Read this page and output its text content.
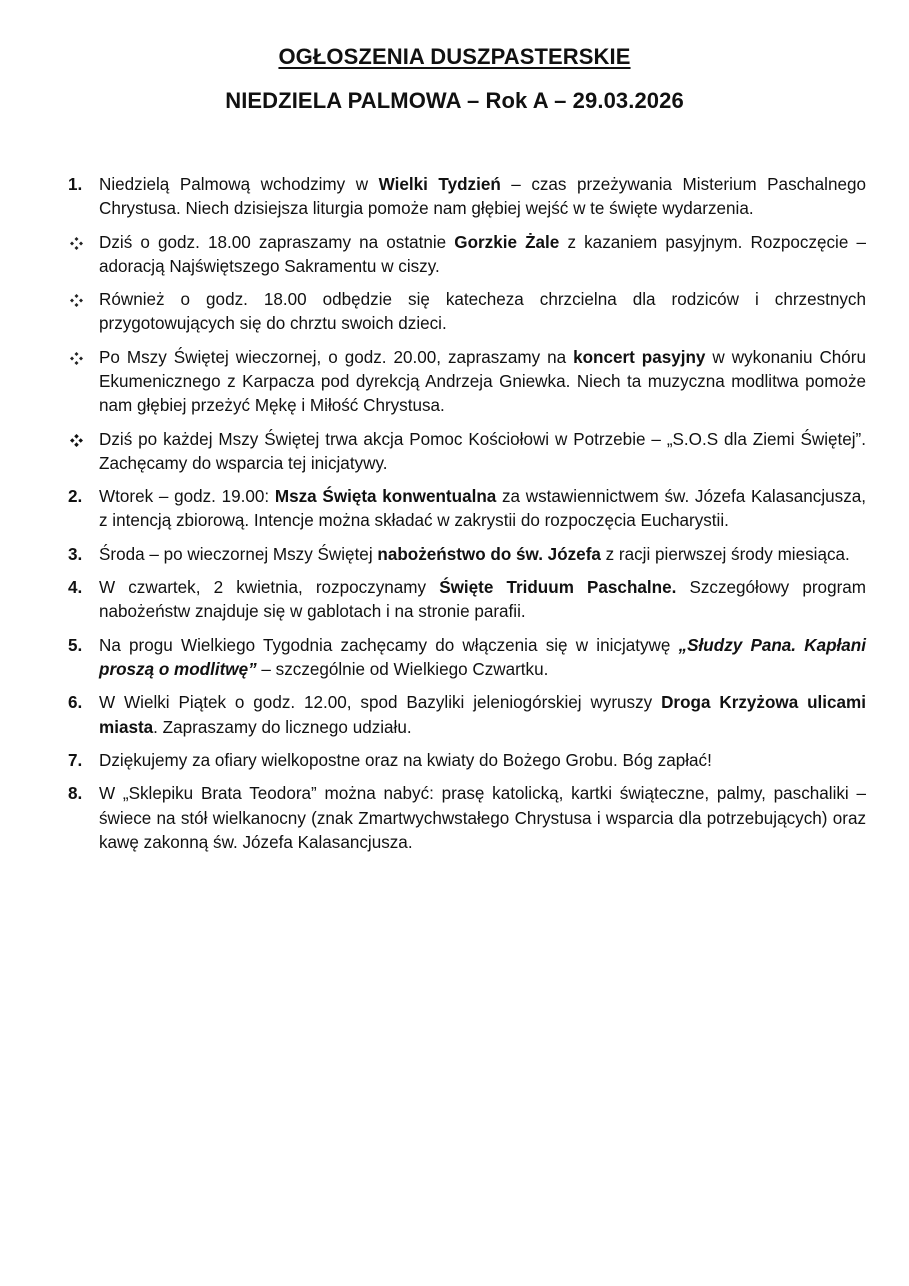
OGŁOSZENIA DUSZPASTERSKIE
NIEDZIELA PALMOWA – Rok A – 29.03.2026
1. Niedzielą Palmową wchodzimy w Wielki Tydzień – czas przeżywania Misterium Paschalnego Chrystusa. Niech dzisiejsza liturgia pomoże nam głębiej wejść w te święte wydarzenia.
Dziś o godz. 18.00 zapraszamy na ostatnie Gorzkie Żale z kazaniem pasyjnym. Rozpoczęcie – adoracją Najświętszego Sakramentu w ciszy.
Również o godz. 18.00 odbędzie się katecheza chrzcielna dla rodziców i chrzestnych przygotowujących się do chrztu swoich dzieci.
Po Mszy Świętej wieczornej, o godz. 20.00, zapraszamy na koncert pasyjny w wykonaniu Chóru Ekumenicznego z Karpacza pod dyrekcją Andrzeja Gniewka. Niech ta muzyczna modlitwa pomoże nam głębiej przeżyć Mękę i Miłość Chrystusa.
Dziś po każdej Mszy Świętej trwa akcja Pomoc Kościołowi w Potrzebie – „S.O.S dla Ziemi Świętej”. Zachęcamy do wsparcia tej inicjatywy.
2. Wtorek – godz. 19.00: Msza Święta konwentualna za wstawiennictwem św. Józefa Kalasancjusza, z intencją zbiorową. Intencje można składać w zakrystii do rozpoczęcia Eucharystii.
3. Środa – po wieczornej Mszy Świętej nabożeństwo do św. Józefa z racji pierwszej środy miesiąca.
4. W czwartek, 2 kwietnia, rozpoczynamy Święte Triduum Paschalne. Szczegółowy program nabożeństw znajduje się w gablotach i na stronie parafii.
5. Na progu Wielkiego Tygodnia zachęcamy do włączenia się w inicjatywę „Słudzy Pana. Kapłani proszą o modlitwę” – szczególnie od Wielkiego Czwartku.
6. W Wielki Piątek o godz. 12.00, spod Bazyliki jeleniogórskiej wyruszy Droga Krzyżowa ulicami miasta. Zapraszamy do licznego udziału.
7. Dziękujemy za ofiary wielkopostne oraz na kwiaty do Bożego Grobu. Bóg zapłać!
8. W „Sklepiku Brata Teodora” można nabyć: prasę katolicką, kartki świąteczne, palmy, paschaliki – świece na stół wielkanocny (znak Zmartwychwstałego Chrystusa i wsparcia dla potrzebujących) oraz kawę zakonną św. Józefa Kalasancjusza.
